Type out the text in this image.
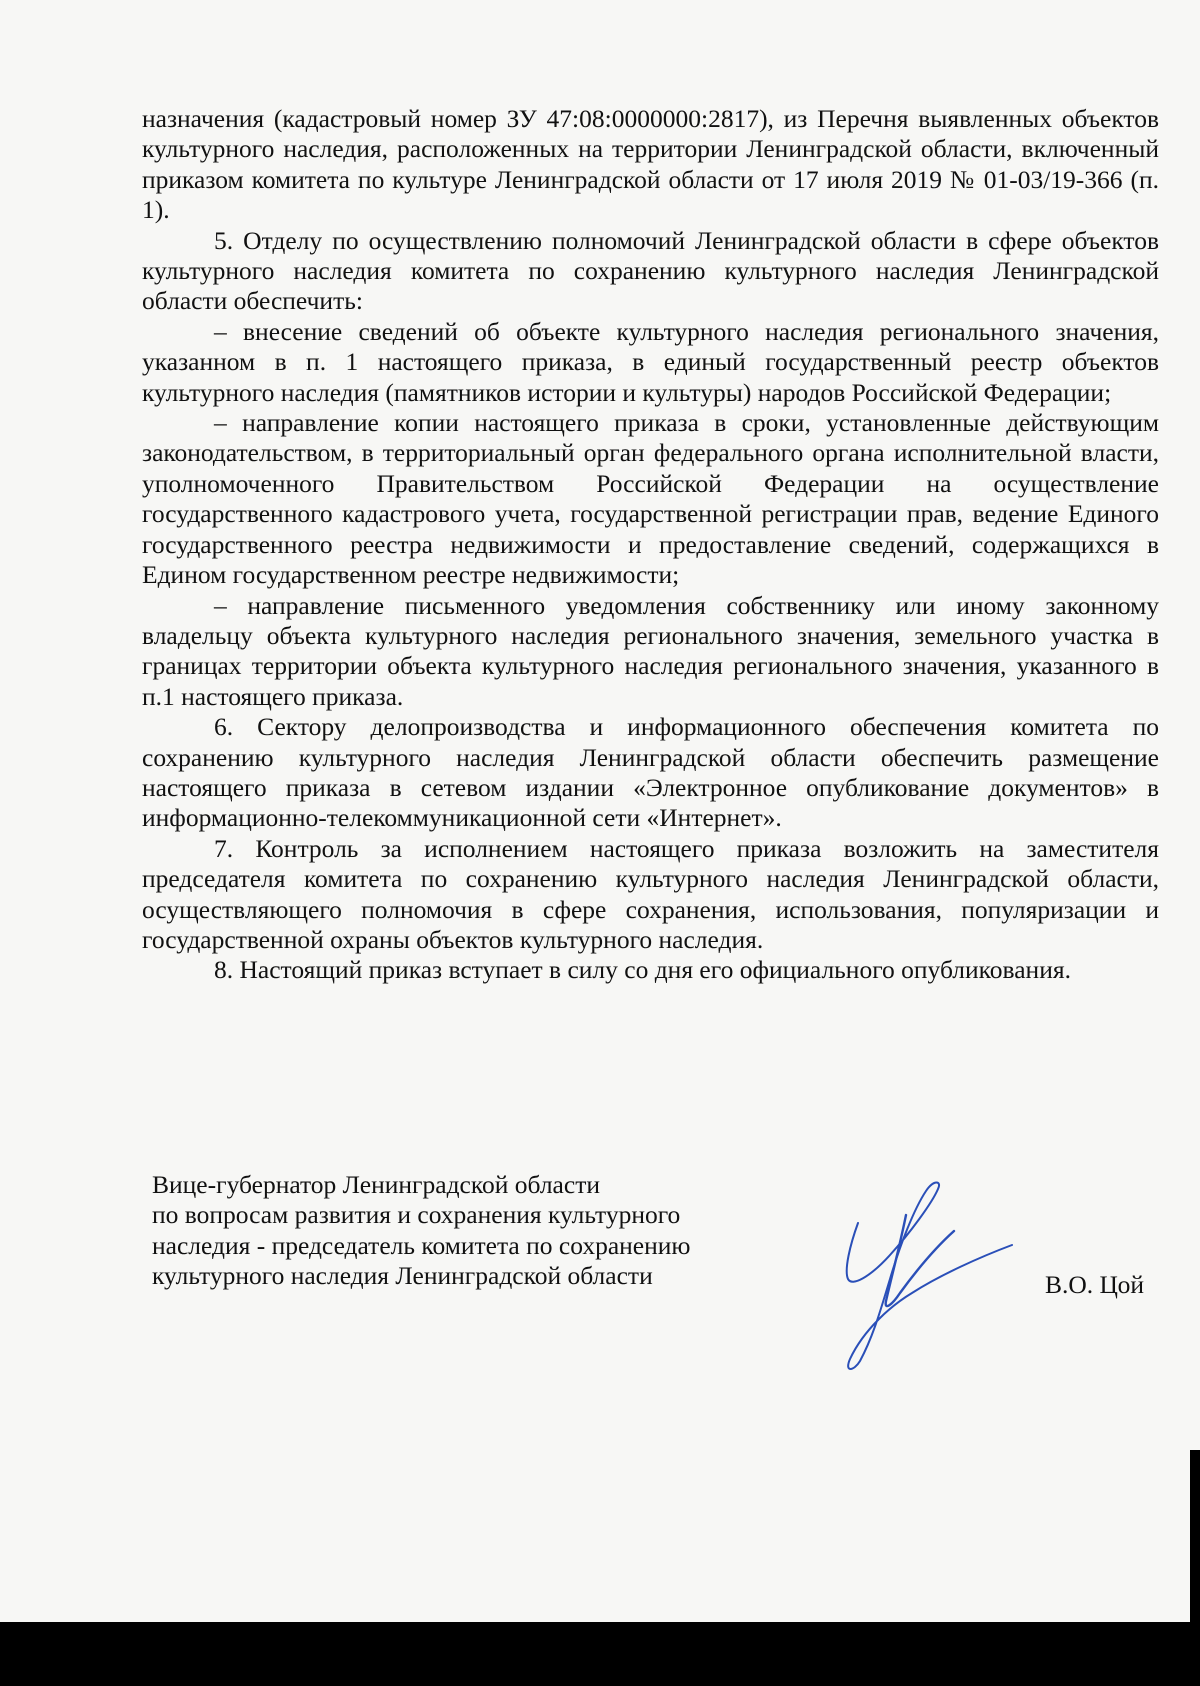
назначения (кадастровый номер ЗУ 47:08:0000000:2817), из Перечня выявленных объектов культурного наследия, расположенных на территории Ленинградской области, включенный приказом комитета по культуре Ленинградской области от 17 июля 2019 № 01-03/19-366 (п. 1).

5. Отделу по осуществлению полномочий Ленинградской области в сфере объектов культурного наследия комитета по сохранению культурного наследия Ленинградской области обеспечить:

– внесение сведений об объекте культурного наследия регионального значения, указанном в п. 1 настоящего приказа, в единый государственный реестр объектов культурного наследия (памятников истории и культуры) народов Российской Федерации;

– направление копии настоящего приказа в сроки, установленные действующим законодательством, в территориальный орган федерального органа исполнительной власти, уполномоченного Правительством Российской Федерации на осуществление государственного кадастрового учета, государственной регистрации прав, ведение Единого государственного реестра недвижимости и предоставление сведений, содержащихся в Едином государственном реестре недвижимости;

– направление письменного уведомления собственнику или иному законному владельцу объекта культурного наследия регионального значения, земельного участка в границах территории объекта культурного наследия регионального значения, указанного в п.1 настоящего приказа.

6. Сектору делопроизводства и информационного обеспечения комитета по сохранению культурного наследия Ленинградской области обеспечить размещение настоящего приказа в сетевом издании «Электронное опубликование документов» в информационно-телекоммуникационной сети «Интернет».

7. Контроль за исполнением настоящего приказа возложить на заместителя председателя комитета по сохранению культурного наследия Ленинградской области, осуществляющего полномочия в сфере сохранения, использования, популяризации и государственной охраны объектов культурного наследия.

8. Настоящий приказ вступает в силу со дня его официального опубликования.

Вице-губернатор Ленинградской области
по вопросам развития и сохранения культурного
наследия - председатель комитета по сохранению
культурного наследия Ленинградской области	В.О. Цой
